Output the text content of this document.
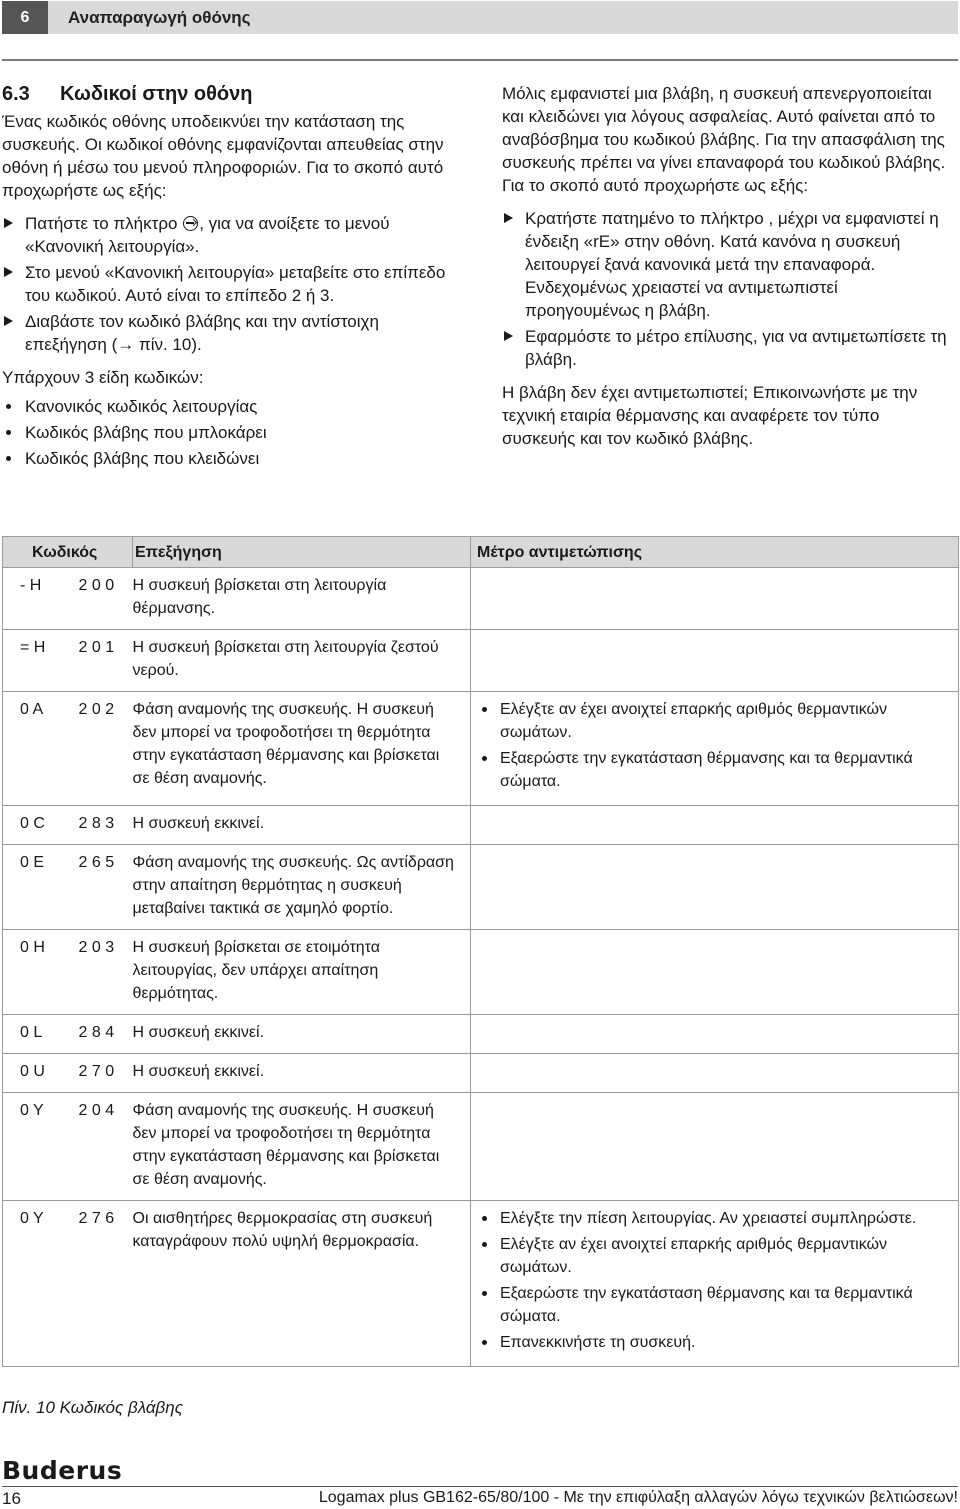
6	Αναπαραγωγή οθόνης
6.3 Κωδικοί στην οθόνη
Ένας κωδικός οθόνης υποδεικνύει την κατάσταση της συσκευής. Οι κωδικοί οθόνης εμφανίζονται απευθείας στην οθόνη ή μέσω του μενού πληροφοριών. Για το σκοπό αυτό προχωρήστε ως εξής:
Πατήστε το πλήκτρο , για να ανοίξετε το μενού «Κανονική λειτουργία».
Στο μενού «Κανονική λειτουργία» μεταβείτε στο επίπεδο του κωδικού. Αυτό είναι το επίπεδο 2 ή 3.
Διαβάστε τον κωδικό βλάβης και την αντίστοιχη επεξήγηση (→ πίν. 10).
Υπάρχουν 3 είδη κωδικών:
Κανονικός κωδικός λειτουργίας
Κωδικός βλάβης που μπλοκάρει
Κωδικός βλάβης που κλειδώνει
Μόλις εμφανιστεί μια βλάβη, η συσκευή απενεργοποιείται και κλειδώνει για λόγους ασφαλείας. Αυτό φαίνεται από το αναβόσβημα του κωδικού βλάβης. Για την απασφάλιση της συσκευής πρέπει να γίνει επαναφορά του κωδικού βλάβης. Για το σκοπό αυτό προχωρήστε ως εξής:
Κρατήστε πατημένο το πλήκτρο , μέχρι να εμφανιστεί η ένδειξη «rE» στην οθόνη. Κατά κανόνα η συσκευή λειτουργεί ξανά κανονικά μετά την επαναφορά. Ενδεχομένως χρειαστεί να αντιμετωπιστεί προηγουμένως η βλάβη.
Εφαρμόστε το μέτρο επίλυσης, για να αντιμετωπίσετε τη βλάβη.
Η βλάβη δεν έχει αντιμετωπιστεί; Επικοινωνήστε με την τεχνική εταιρία θέρμανσης και αναφέρετε τον τύπο συσκευής και τον κωδικό βλάβης.
Κωδικός		Επεξήγηση	Μέτρο αντιμετώπισης
- H	2 0 0	Η συσκευή βρίσκεται στη λειτουργία θέρμανσης.	
= H	2 0 1	Η συσκευή βρίσκεται στη λειτουργία ζεστού νερού.	
0 A	2 0 2	Φάση αναμονής της συσκευής. Η συσκευή δεν μπορεί να τροφοδοτήσει τη θερμότητα στην εγκατάσταση θέρμανσης και βρίσκεται σε θέση αναμονής.	Ελέγξτε αν έχει ανοιχτεί επαρκής αριθμός θερμαντικών σωμάτων.
Εξαερώστε την εγκατάσταση θέρμανσης και τα θερμαντικά σώματα.

0 C	2 8 3	Η συσκευή εκκινεί.	
0 E	2 6 5	Φάση αναμονής της συσκευής. Ως αντίδραση στην απαίτηση θερμότητας η συσκευή μεταβαίνει τακτικά σε χαμηλό φορτίο.	
0 H	2 0 3	Η συσκευή βρίσκεται σε ετοιμότητα λειτουργίας, δεν υπάρχει απαίτηση θερμότητας.	
0 L	2 8 4	Η συσκευή εκκινεί.	
0 U	2 7 0	Η συσκευή εκκινεί.	
0 Y	2 0 4	Φάση αναμονής της συσκευής. Η συσκευή δεν μπορεί να τροφοδοτήσει τη θερμότητα στην εγκατάσταση θέρμανσης και βρίσκεται σε θέση αναμονής.	
0 Y	2 7 6	Οι αισθητήρες θερμοκρασίας στη συσκευή καταγράφουν πολύ υψηλή θερμοκρασία.	Ελέγξτε την πίεση λειτουργίας. Αν χρειαστεί συμπληρώστε.
Ελέγξτε αν έχει ανοιχτεί επαρκής αριθμός θερμαντικών σωμάτων.
Εξαερώστε την εγκατάσταση θέρμανσης και τα θερμαντικά σώματα.
Επανεκκινήστε τη συσκευή.
Πίν. 10 Κωδικός βλάβης
Buderus
16	Logamax plus GB162-65/80/100 - Με την επιφύλαξη αλλαγών λόγω τεχνικών βελτιώσεων!
